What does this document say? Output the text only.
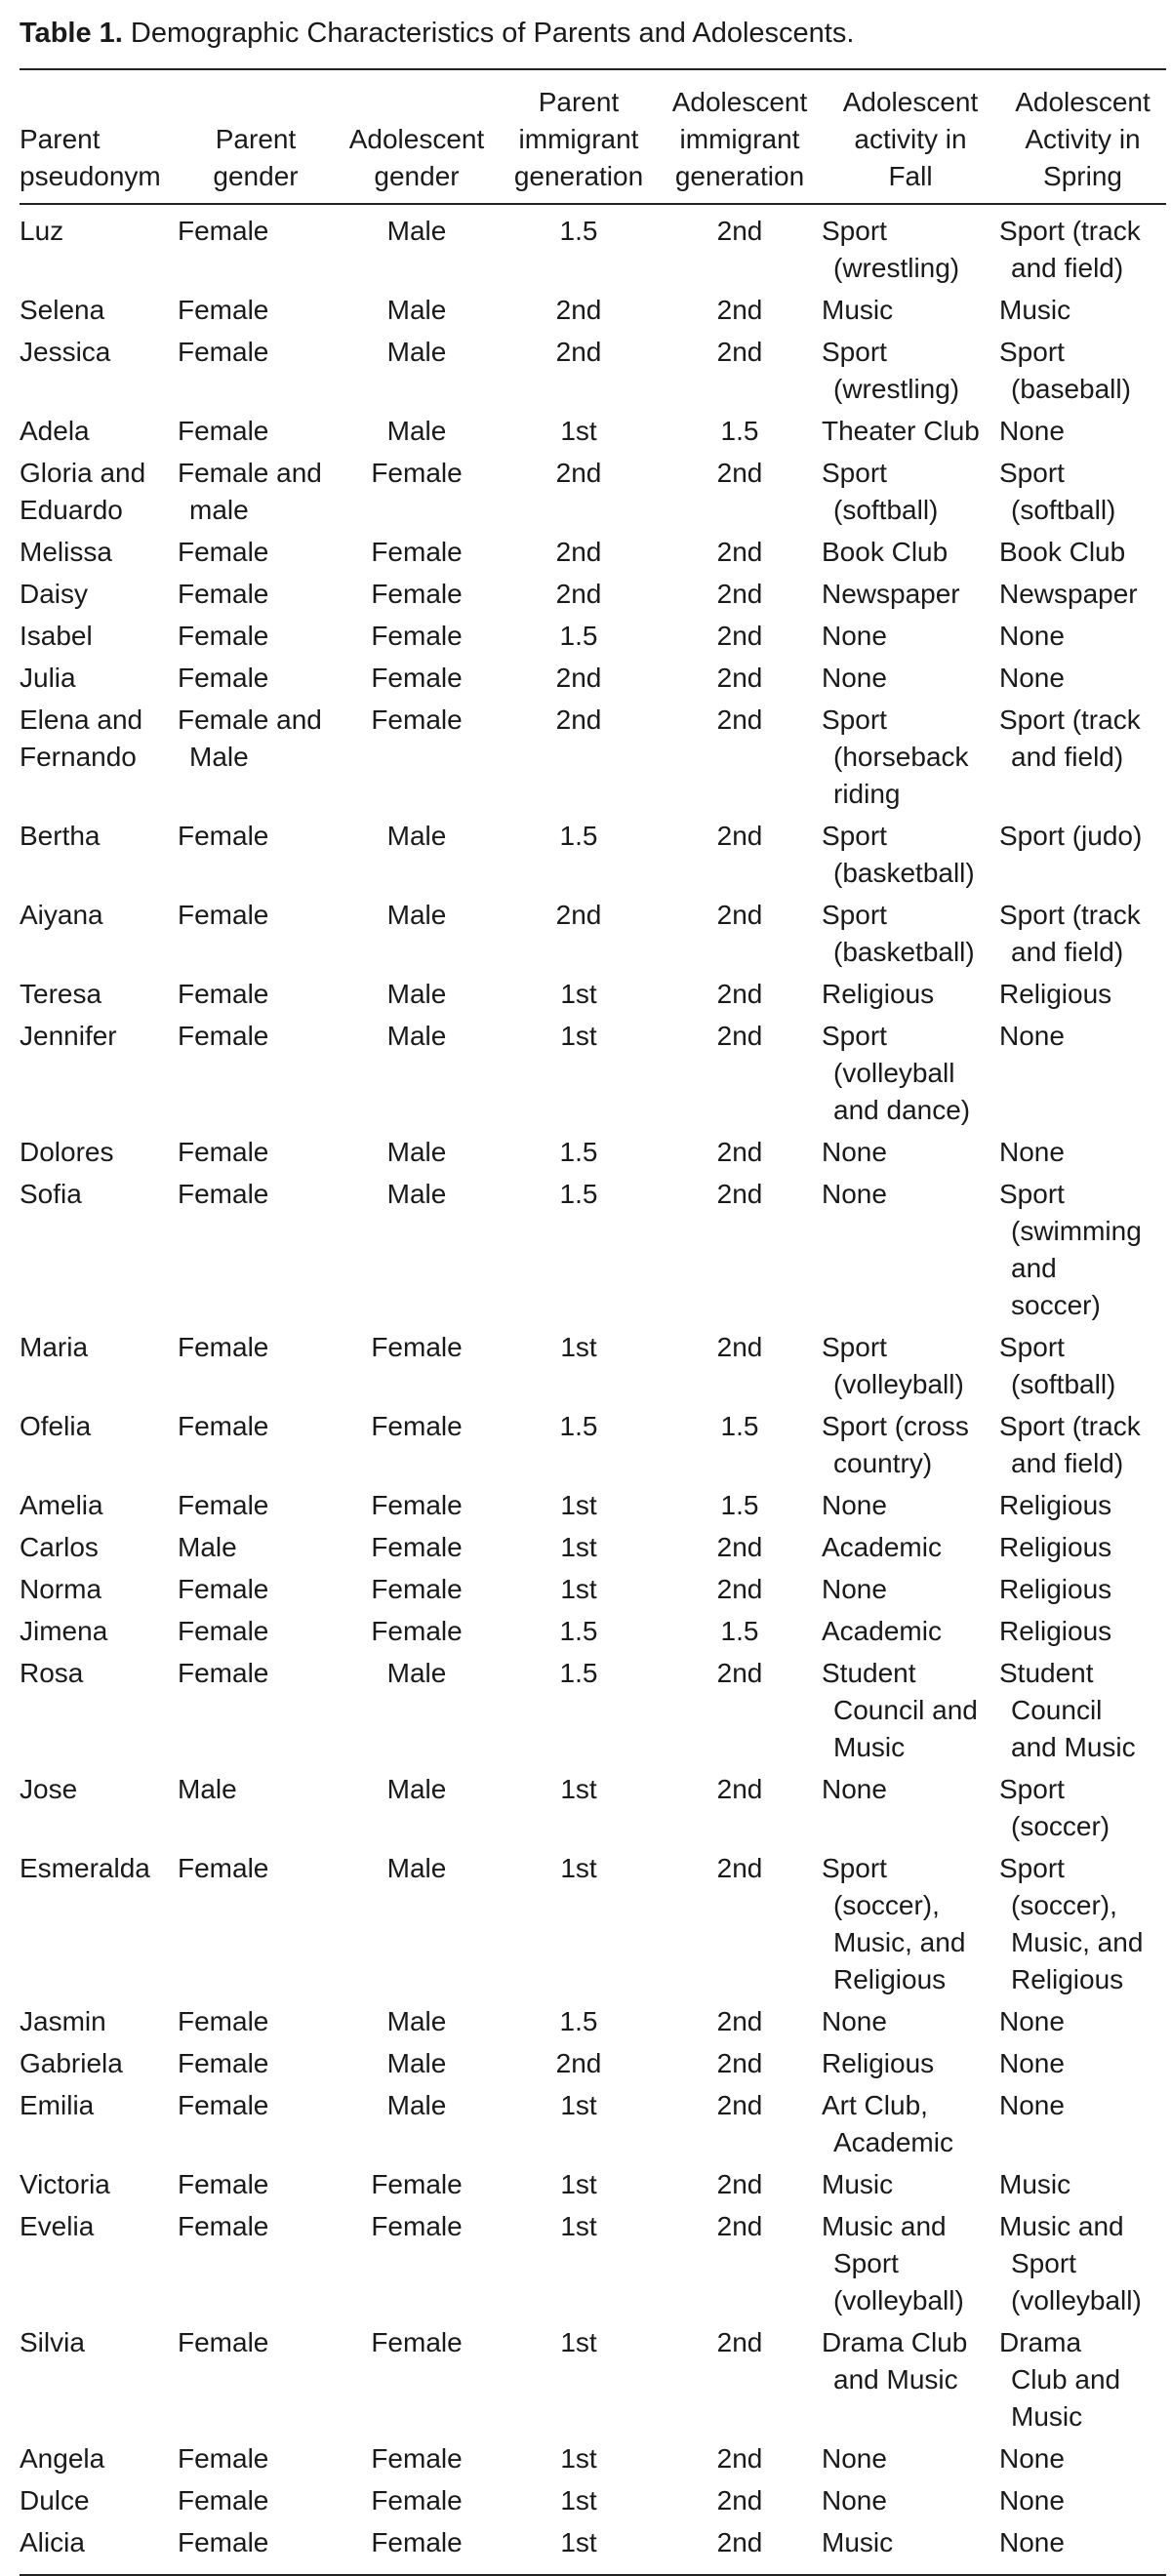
Table 1. Demographic Characteristics of Parents and Adolescents.
Parent
pseudonym	Parent
gender	Adolescent
gender	Parent
immigrant
generation	Adolescent
immigrant
generation	Adolescent
activity in
Fall	Adolescent
Activity in
Spring

Luz	Female	Male	1.5	2nd	Sport
(wrestling)	Sport (track
and field)

Selena	Female	Male	2nd	2nd	Music	Music

Jessica	Female	Male	2nd	2nd	Sport
(wrestling)	Sport
(baseball)

Adela	Female	Male	1st	1.5	Theater Club	None

Gloria and
Eduardo	Female and
male	Female	2nd	2nd	Sport
(softball)	Sport
(softball)

Melissa	Female	Female	2nd	2nd	Book Club	Book Club

Daisy	Female	Female	2nd	2nd	Newspaper	Newspaper

Isabel	Female	Female	1.5	2nd	None	None

Julia	Female	Female	2nd	2nd	None	None

Elena and
Fernando	Female and
Male	Female	2nd	2nd	Sport
(horseback
riding	Sport (track
and field)

Bertha	Female	Male	1.5	2nd	Sport
(basketball)	Sport (judo)

Aiyana	Female	Male	2nd	2nd	Sport
(basketball)	Sport (track
and field)

Teresa	Female	Male	1st	2nd	Religious	Religious

Jennifer	Female	Male	1st	2nd	Sport
(volleyball
and dance)	None

Dolores	Female	Male	1.5	2nd	None	None

Sofia	Female	Male	1.5	2nd	None	Sport
(swimming
and
soccer)

Maria	Female	Female	1st	2nd	Sport
(volleyball)	Sport
(softball)

Ofelia	Female	Female	1.5	1.5	Sport (cross
country)	Sport (track
and field)

Amelia	Female	Female	1st	1.5	None	Religious

Carlos	Male	Female	1st	2nd	Academic	Religious

Norma	Female	Female	1st	2nd	None	Religious

Jimena	Female	Female	1.5	1.5	Academic	Religious

Rosa	Female	Male	1.5	2nd	Student
Council and
Music	Student
Council
and Music

Jose	Male	Male	1st	2nd	None	Sport
(soccer)

Esmeralda	Female	Male	1st	2nd	Sport
(soccer),
Music, and
Religious	Sport
(soccer),
Music, and
Religious

Jasmin	Female	Male	1.5	2nd	None	None

Gabriela	Female	Male	2nd	2nd	Religious	None

Emilia	Female	Male	1st	2nd	Art Club,
Academic	None

Victoria	Female	Female	1st	2nd	Music	Music

Evelia	Female	Female	1st	2nd	Music and
Sport
(volleyball)	Music and
Sport
(volleyball)

Silvia	Female	Female	1st	2nd	Drama Club
and Music	Drama
Club and
Music

Angela	Female	Female	1st	2nd	None	None

Dulce	Female	Female	1st	2nd	None	None

Alicia	Female	Female	1st	2nd	Music	None
